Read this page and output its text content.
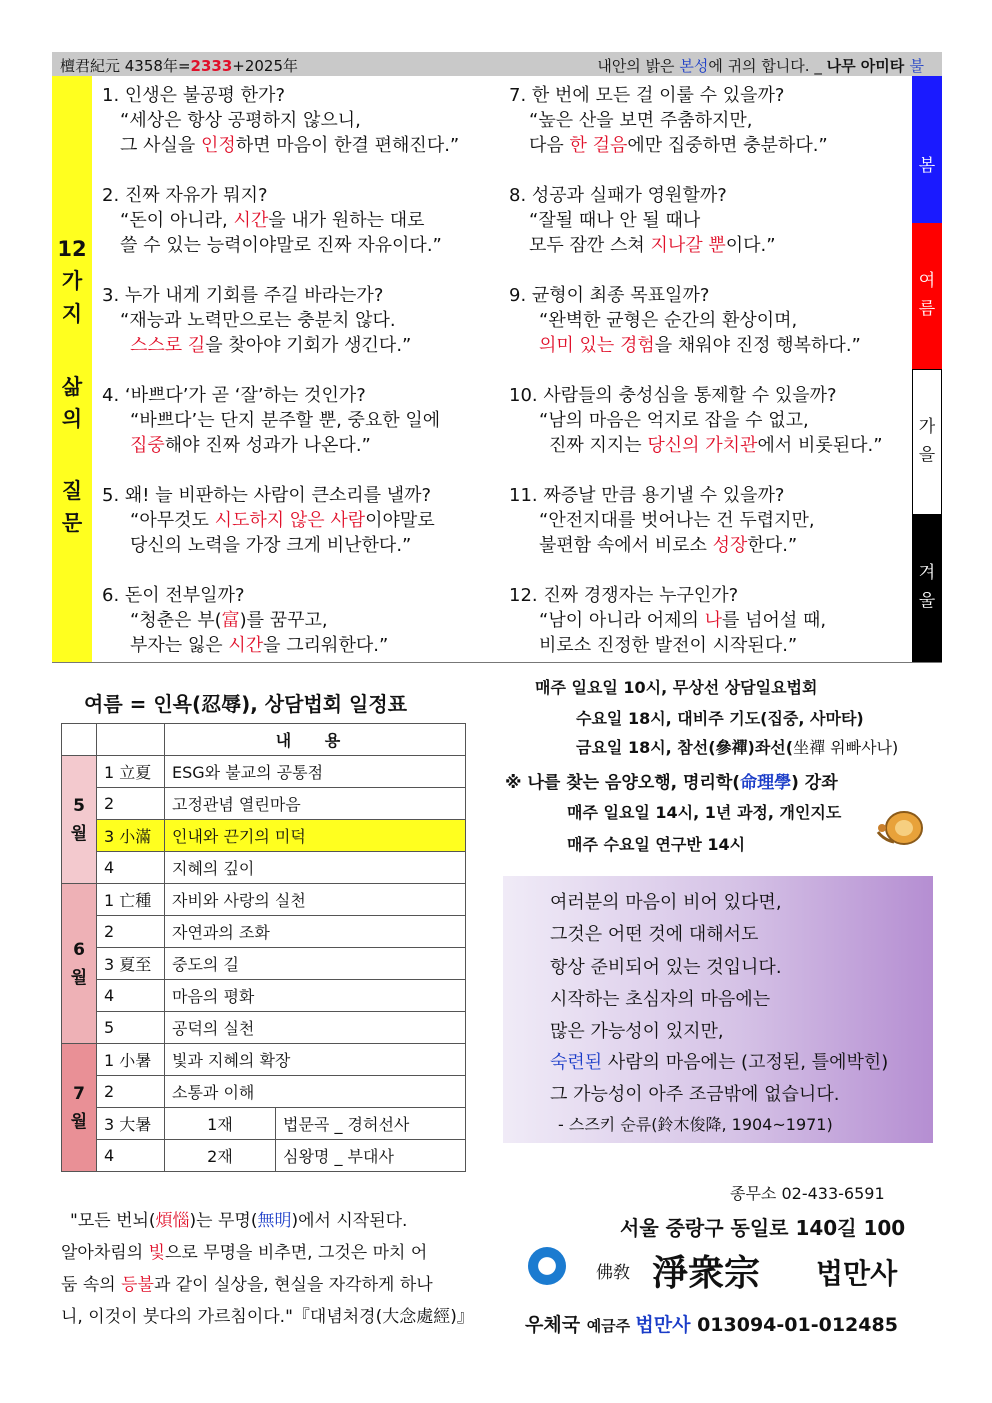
檀君紀元 4358年=2333+2025年	내안의 밝은 본성에 귀의 합니다. _ 나무 아미타 불
12
가
지
삶
의
질
문
봄
여
름
가
을
겨
울
1. 인생은 불공평 한가?
“세상은 항상 공평하지 않으니,
그 사실을 인정하면 마음이 한결 편해진다.”
2. 진짜 자유가 뭐지?
“돈이 아니라, 시간을 내가 원하는 대로
쓸 수 있는 능력이야말로 진짜 자유이다.”
3. 누가 내게 기회를 주길 바라는가?
“재능과 노력만으로는 충분치 않다.
스스로 길을 찾아야 기회가 생긴다.”
4. ‘바쁘다’가 곧 ‘잘’하는 것인가?
“바쁘다’는 단지 분주할 뿐, 중요한 일에
집중해야 진짜 성과가 나온다.”
5. 왜! 늘 비판하는 사람이 큰소리를 낼까?
“아무것도 시도하지 않은 사람이야말로
당신의 노력을 가장 크게 비난한다.”
6. 돈이 전부일까?
“청춘은 부(富)를 꿈꾸고,
부자는 잃은 시간을 그리워한다.”
7. 한 번에 모든 걸 이룰 수 있을까?
“높은 산을 보면 주춤하지만,
다음 한 걸음에만 집중하면 충분하다.”
8. 성공과 실패가 영원할까?
“잘될 때나 안 될 때나
모두 잠깐 스쳐 지나갈 뿐이다.”
9. 균형이 최종 목표일까?
“완벽한 균형은 순간의 환상이며,
의미 있는 경험을 채워야 진정 행복하다.”
10. 사람들의 충성심을 통제할 수 있을까?
“남의 마음은 억지로 잡을 수 없고,
진짜 지지는 당신의 가치관에서 비롯된다.”
11. 짜증날 만큼 용기낼 수 있을까?
“안전지대를 벗어나는 건 두렵지만,
불편함 속에서 비로소 성장한다.”
12. 진짜 경쟁자는 누구인가?
“남이 아니라 어제의 나를 넘어설 때,
비로소 진정한 발전이 시작된다.”
여름 = 인욕(忍辱), 상담법회 일정표
		내 용	

5
월	1 立夏	ESG와 불교의 공통점	
	2	고정관념 열린마음	
	3 小滿	인내와 끈기의 미덕	
	4	지혜의 깊이	

6
월	1 亡種	자비와 사랑의 실천	
	2	자연과의 조화	
	3 夏至	중도의 길	
	4	마음의 평화	
	5	공덕의 실천	

7
월	1 小暑	빛과 지혜의 확장	
	2	소통과 이해	
	3 大暑	1재	법문곡 _ 경허선사
	4	2재	심왕명 _ 부대사
매주 일요일 10시, 무상선 상담일요법회
수요일 18시, 대비주 기도(집중, 사마타)
금요일 18시, 참선(參禪)좌선(坐禪 위빠사나)
※ 나를 찾는 음양오행, 명리학(命理學) 강좌
매주 일요일 14시, 1년 과정, 개인지도
매주 수요일 연구반 14시
여러분의 마음이 비어 있다면,
그것은 어떤 것에 대해서도
항상 준비되어 있는 것입니다.
시작하는 초심자의 마음에는
많은 가능성이 있지만,
숙련된 사람의 마음에는 (고정된, 틀에박힌)
그 가능성이 아주 조금밖에 없습니다.
- 스즈키 순류(鈴木俊降, 1904~1971)
"모든 번뇌(煩惱)는 무명(無明)에서 시작된다.
알아차림의 빛으로 무명을 비추면, 그것은 마치 어
둠 속의 등불과 같이 실상을, 현실을 자각하게 하나
니, 이것이 붓다의 가르침이다."『대념처경(大念處經)』
종무소 02-433-6591
서울 중랑구 동일로 140길 100
佛敎 淨衆宗 법만사
우체국 예금주 법만사 013094-01-012485
